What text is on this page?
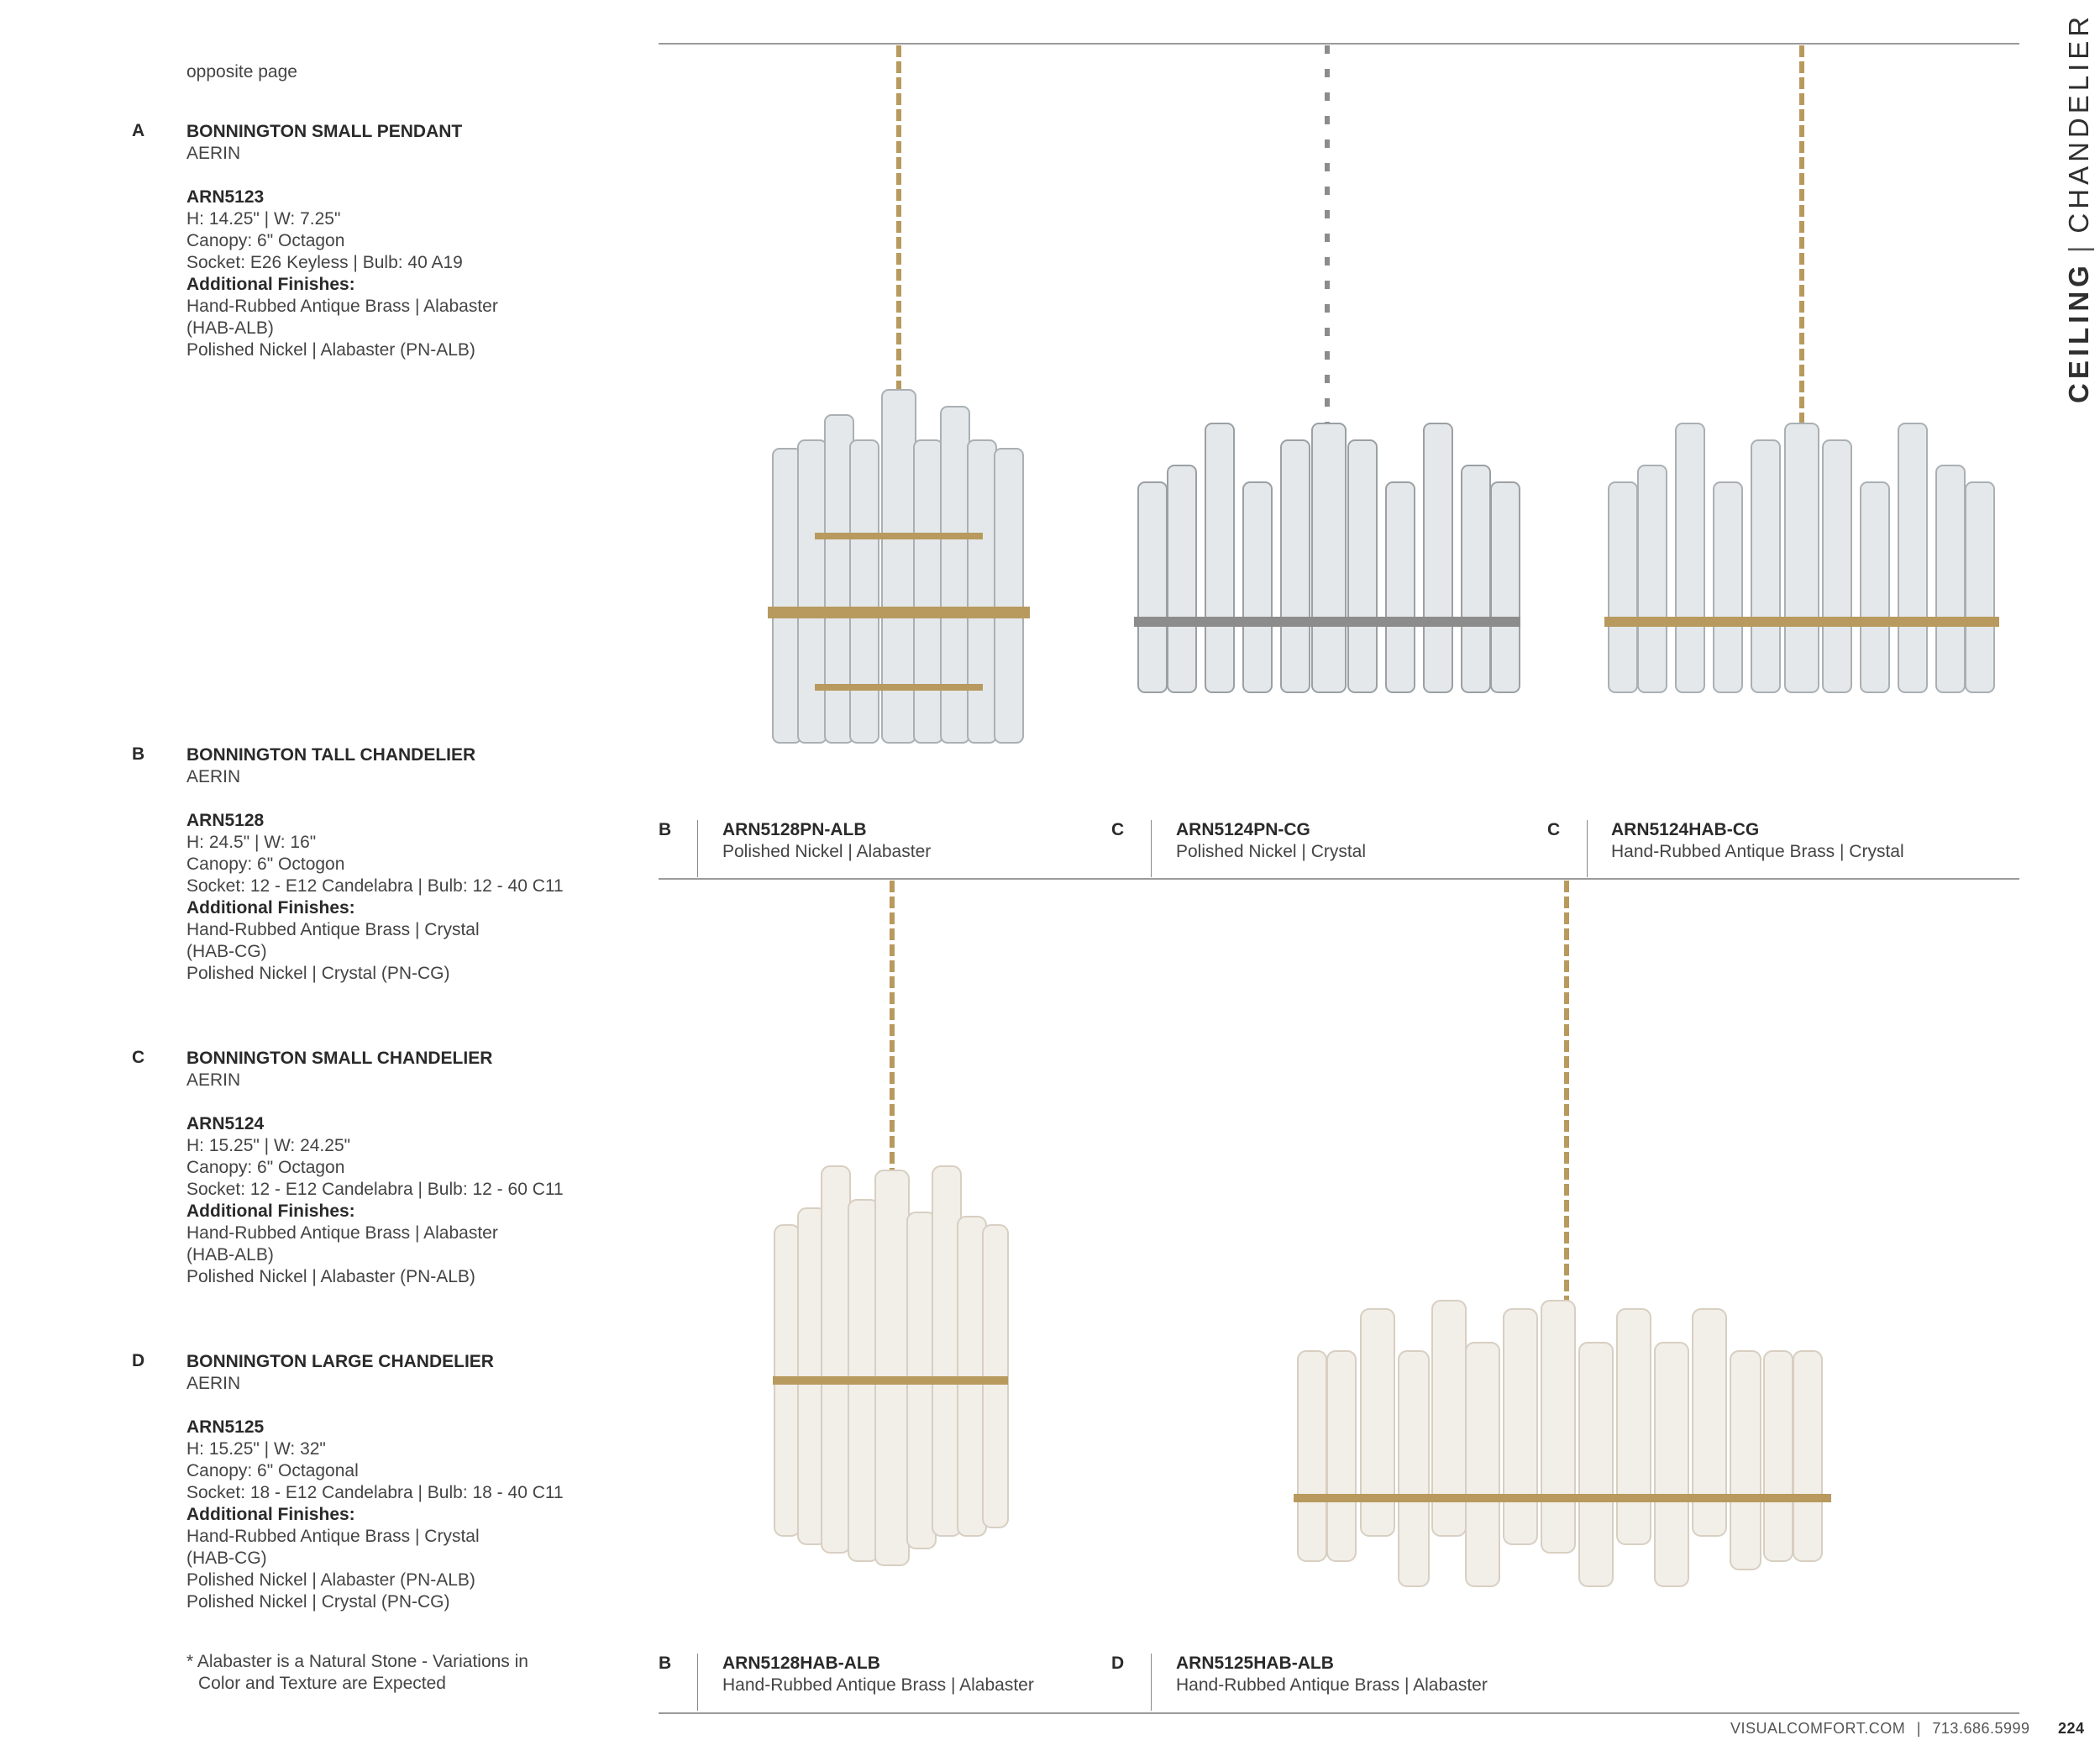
opposite page
A BONNINGTON SMALL PENDANT
AERIN
ARN5123
H: 14.25" | W: 7.25"
Canopy: 6" Octagon
Socket: E26 Keyless | Bulb: 40 A19
Additional Finishes:
Hand-Rubbed Antique Brass | Alabaster
(HAB-ALB)
Polished Nickel | Alabaster (PN-ALB)
B BONNINGTON TALL CHANDELIER
AERIN
ARN5128
H: 24.5" | W: 16"
Canopy: 6" Octogon
Socket: 12 - E12 Candelabra | Bulb: 12 - 40 C11
Additional Finishes:
Hand-Rubbed Antique Brass | Crystal
(HAB-CG)
Polished Nickel | Crystal (PN-CG)
C BONNINGTON SMALL CHANDELIER
AERIN
ARN5124
H: 15.25" | W: 24.25"
Canopy: 6" Octagon
Socket: 12 - E12 Candelabra | Bulb: 12 - 60 C11
Additional Finishes:
Hand-Rubbed Antique Brass | Alabaster
(HAB-ALB)
Polished Nickel | Alabaster (PN-ALB)
D BONNINGTON LARGE CHANDELIER
AERIN
ARN5125
H: 15.25" | W: 32"
Canopy: 6" Octagonal
Socket: 18 - E12 Candelabra | Bulb: 18 - 40 C11
Additional Finishes:
Hand-Rubbed Antique Brass | Crystal
(HAB-CG)
Polished Nickel | Alabaster (PN-ALB)
Polished Nickel | Crystal (PN-CG)
* Alabaster is a Natural Stone - Variations in
Color and Texture are Expected
B	ARN5128PN-ALB
Polished Nickel | Alabaster
C	ARN5124PN-CG
Polished Nickel | Crystal
C	ARN5124HAB-CG
Hand-Rubbed Antique Brass | Crystal
B	ARN5128HAB-ALB
Hand-Rubbed Antique Brass | Alabaster
D	ARN5125HAB-ALB
Hand-Rubbed Antique Brass | Alabaster
CEILING|CHANDELIER
VISUALCOMFORT.COM | 713.686.5999 224
